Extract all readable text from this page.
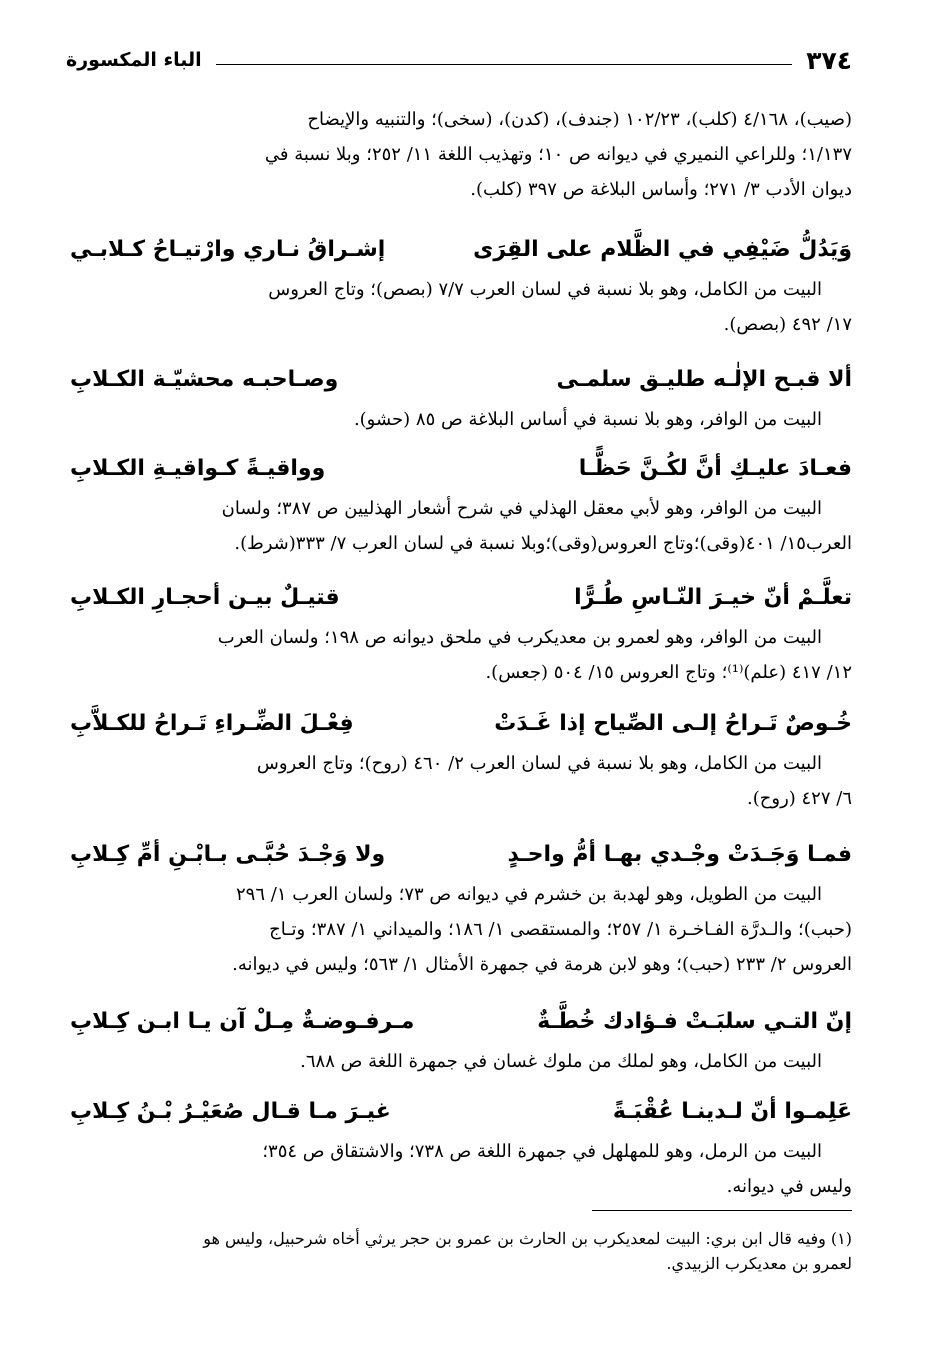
٣٧٤
الباء المكسورة
(صيب)، ٤/١٦٨ (كلب)، ١٠٢/٢٣ (جندف)، (كدن)، (سخى)؛ والتنبيه والإيضاح
١/١٣٧؛ وللراعي النميري في ديوانه ص ١٠؛ وتهذيب اللغة ١١/ ٢٥٢؛ وبلا نسبة في
ديوان الأدب ٣/ ٢٧١؛ وأساس البلاغة ص ٣٩٧ (كلب).
وَيَدُلُّ ضَيْفِي في الظَّلام على القِرَى
إشـراقُ نـاري وارْتيـاحُ كـلابـي
البيت من الكامل، وهو بلا نسبة في لسان العرب ٧/٧ (بصص)؛ وتاج العروس
١٧/ ٤٩٢ (بصص).
ألا قبـح الإلٰـه طليـق سلمـى
وصـاحبـه محشيّـة الكـلابِ
البيت من الوافر، وهو بلا نسبة في أساس البلاغة ص ٨٥ (حشو).
فعـادَ عليـكِ أنَّ لكُـنَّ حَظًّـا
وواقيـةً كـواقيـةِ الكـلابِ
البيت من الوافر، وهو لأبي معقل الهذلي في شرح أشعار الهذليين ص ٣٨٧؛ ولسان
العرب١٥/ ٤٠١(وقى)؛وتاج العروس(وقى)؛وبلا نسبة في لسان العرب ٧/ ٣٣٣(شرط).
تعلَّـمْ أنّ خيـرَ النّـاسِ طُـرًّا
قتيـلٌ بيـن أحجـارِ الكـلابِ
البيت من الوافر، وهو لعمرو بن معديكرب في ملحق ديوانه ص ١٩٨؛ ولسان العرب
١٢/ ٤١٧ (علم)⁽¹⁾؛ وتاج العروس ١٥/ ٥٠٤ (جعس).
خُـوصٌ تَـراحُ إلـى الصِّياح إذا غَـدَتْ
فِعْـلَ الضِّـراءِ تَـراحُ للكـلاَّبِ
البيت من الكامل، وهو بلا نسبة في لسان العرب ٢/ ٤٦٠ (روح)؛ وتاج العروس
٦/ ٤٢٧ (روح).
فمـا وَجَـدَتْ وجْـدي بهـا أمُّ واحـدٍ
ولا وَجْـدَ حُبَّـى بـابْـنِ أمِّ كِـلابِ
البيت من الطويل، وهو لهدبة بن خشرم في ديوانه ص ٧٣؛ ولسان العرب ١/ ٢٩٦
(حبب)؛ والـدرَّة الفـاخـرة ١/ ٢٥٧؛ والمستقصى ١/ ١٨٦؛ والميداني ١/ ٣٨٧؛ وتـاج
العروس ٢/ ٢٣٣ (حبب)؛ وهو لابن هرمة في جمهرة الأمثال ١/ ٥٦٣؛ وليس في ديوانه.
إنّ التـي سلبَـتْ فـؤادك خُطَّـةٌ
مـرفـوضـةٌ مِـلْ آن يـا ابـن كِـلابِ
البيت من الكامل، وهو لملك من ملوك غسان في جمهرة اللغة ص ٦٨٨.
عَلِمـوا أنّ لـدينـا عُقْبَـةً
غيـرَ مـا قـال صُعَيْـرُ بْـنُ كِـلابِ
البيت من الرمل، وهو للمهلهل في جمهرة اللغة ص ٧٣٨؛ والاشتقاق ص ٣٥٤؛
وليس في ديوانه.
(١) وفيه قال ابن بري: البيت لمعديكرب بن الحارث بن عمرو بن حجر يرثي أخاه شرحبيل، وليس هو
لعمرو بن معديكرب الزبيدي.
